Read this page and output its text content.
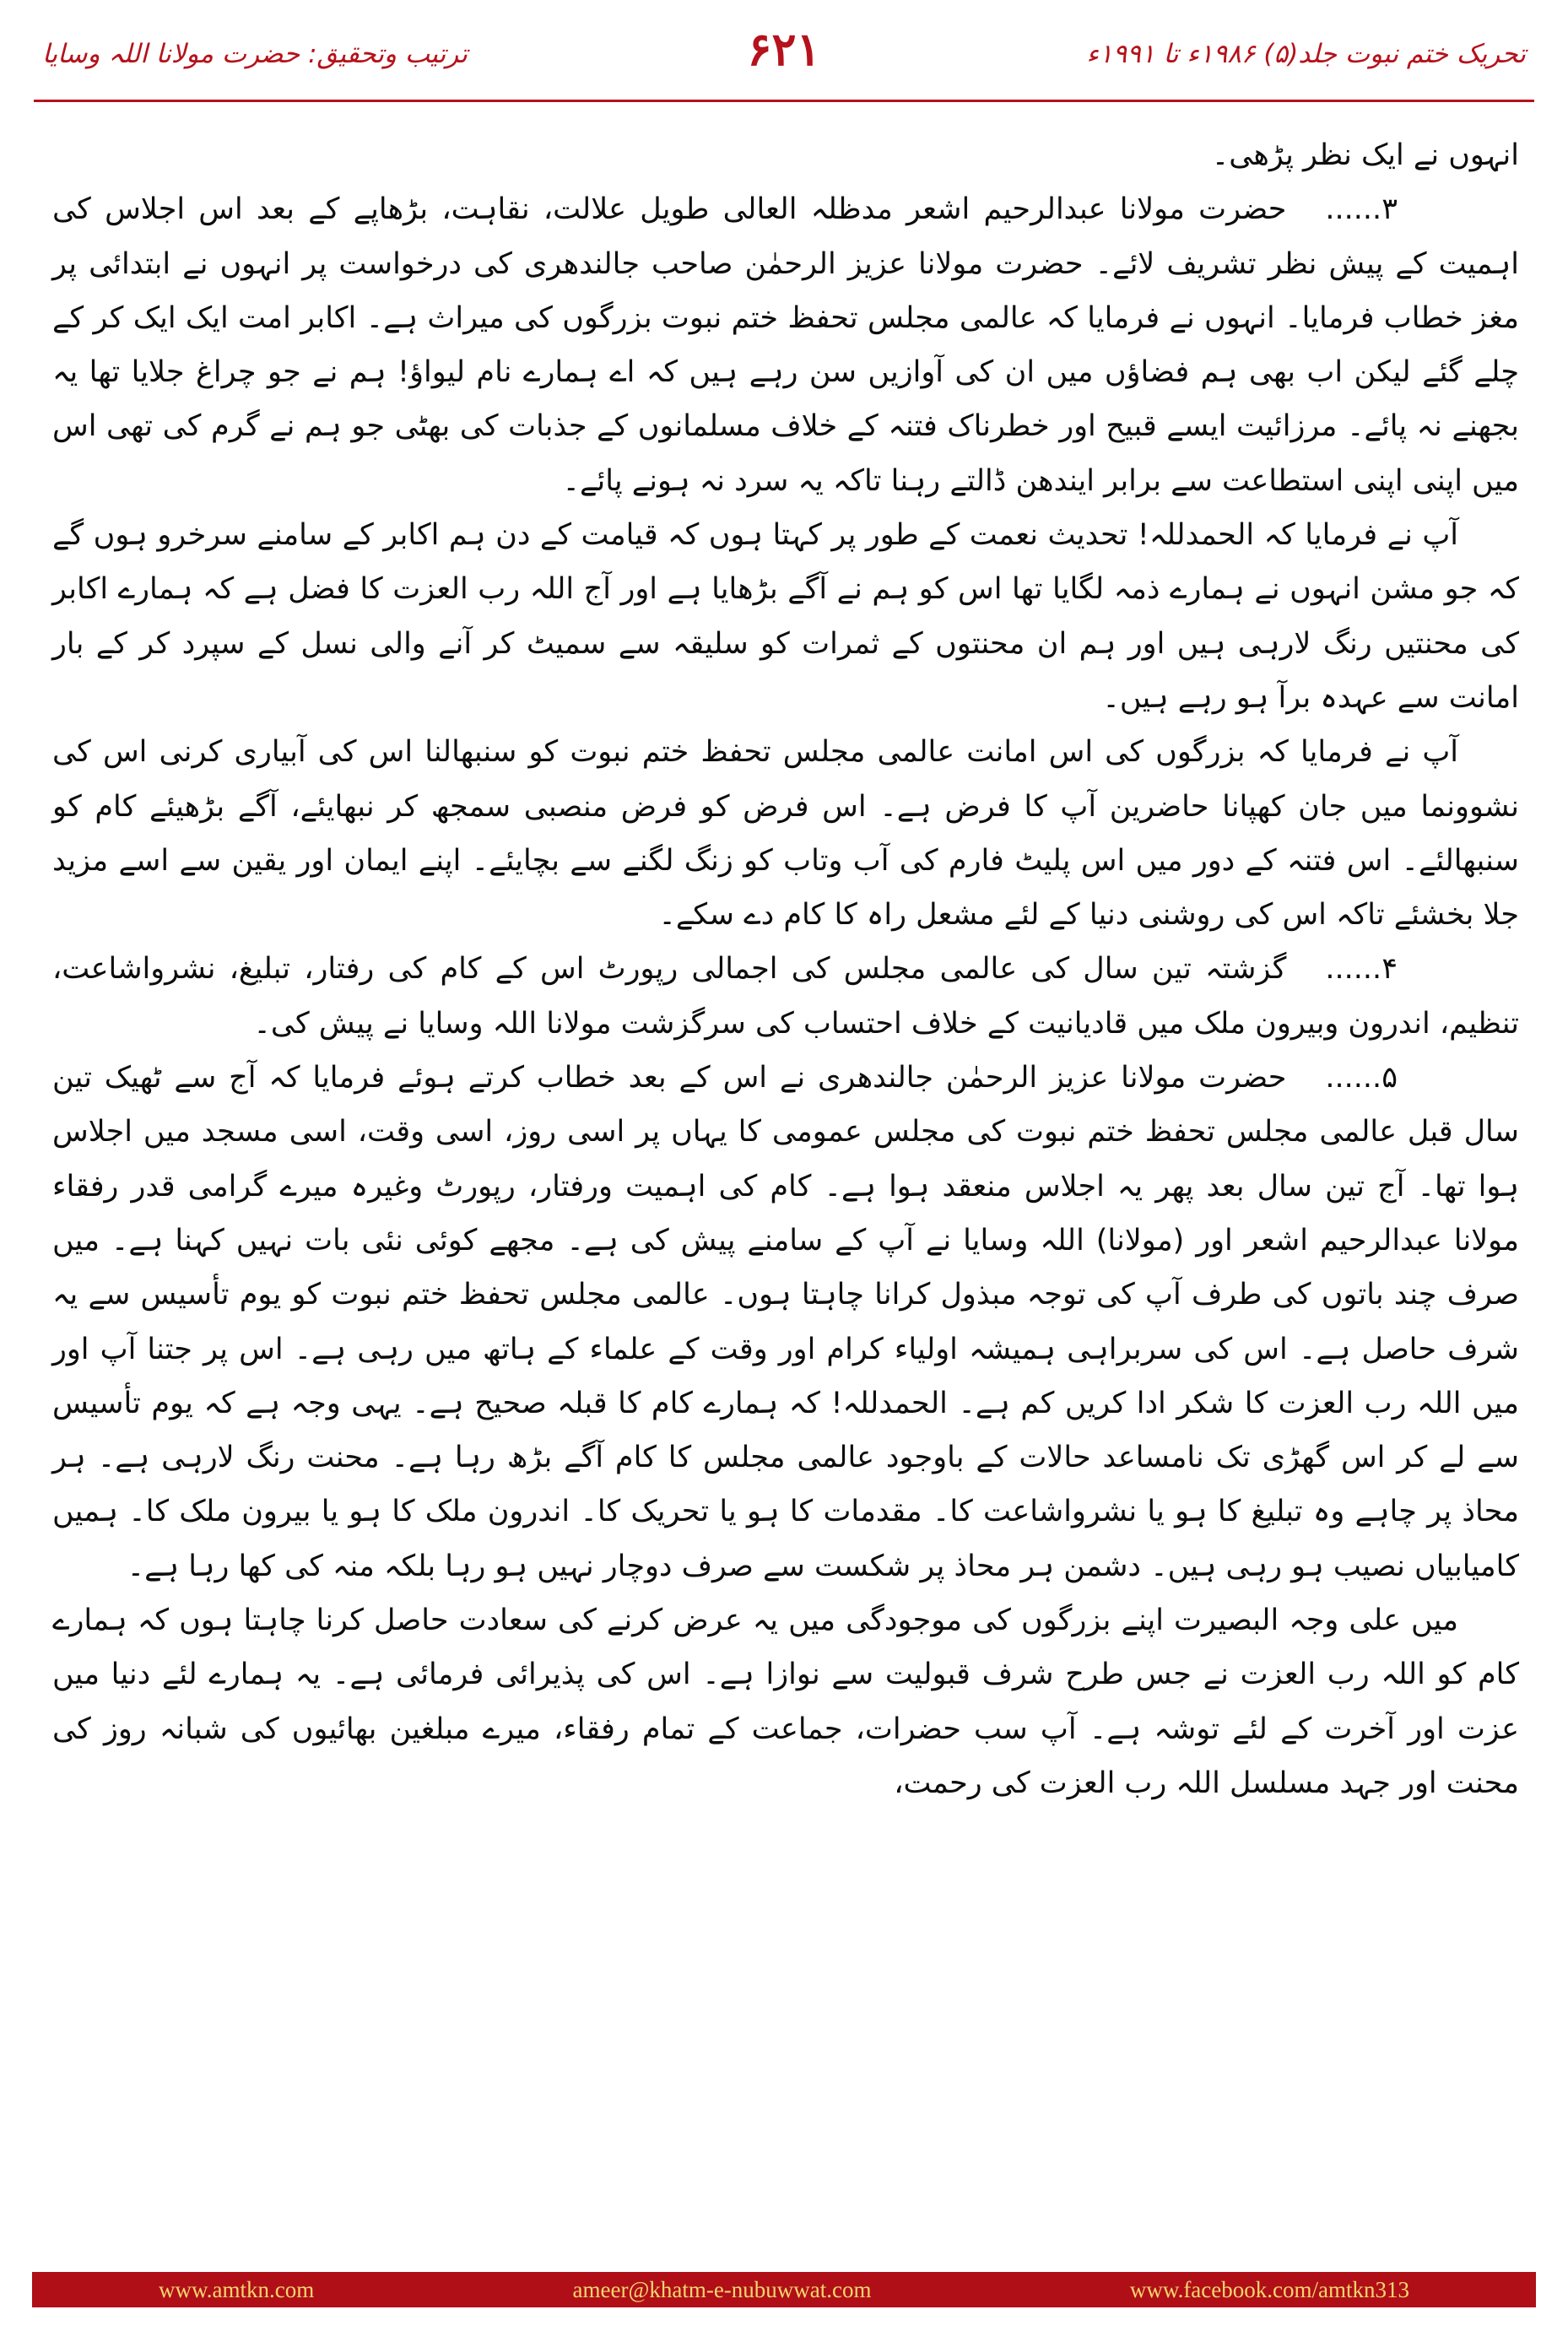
ترتیب وتحقیق: حضرت مولانا اللہ وسایا	۶۲۱	تحریک ختم نبوت جلد(۵) ۱۹۸۶ء تا ۱۹۹۱ء

انہوں نے ایک نظر پڑھی۔

۳......حضرت مولانا عبدالرحیم اشعر مدظلہ العالی طویل علالت، نقاہت، بڑھاپے کے بعد اس اجلاس کی اہمیت کے پیش نظر تشریف لائے۔ حضرت مولانا عزیز الرحمٰن صاحب جالندھری کی درخواست پر انہوں نے ابتدائی پر مغز خطاب فرمایا۔ انہوں نے فرمایا کہ عالمی مجلس تحفظ ختم نبوت بزرگوں کی میراث ہے۔ اکابر امت ایک ایک کر کے چلے گئے لیکن اب بھی ہم فضاؤں میں ان کی آوازیں سن رہے ہیں کہ اے ہمارے نام لیواؤ! ہم نے جو چراغ جلایا تھا یہ بجھنے نہ پائے۔ مرزائیت ایسے قبیح اور خطرناک فتنہ کے خلاف مسلمانوں کے جذبات کی بھٹی جو ہم نے گرم کی تھی اس میں اپنی اپنی استطاعت سے برابر ایندھن ڈالتے رہنا تاکہ یہ سرد نہ ہونے پائے۔

آپ نے فرمایا کہ الحمدللہ! تحدیث نعمت کے طور پر کہتا ہوں کہ قیامت کے دن ہم اکابر کے سامنے سرخرو ہوں گے کہ جو مشن انہوں نے ہمارے ذمہ لگایا تھا اس کو ہم نے آگے بڑھایا ہے اور آج اللہ رب العزت کا فضل ہے کہ ہمارے اکابر کی محنتیں رنگ لارہی ہیں اور ہم ان محنتوں کے ثمرات کو سلیقہ سے سمیٹ کر آنے والی نسل کے سپرد کر کے بار امانت سے عہدہ برآ ہو رہے ہیں۔

آپ نے فرمایا کہ بزرگوں کی اس امانت عالمی مجلس تحفظ ختم نبوت کو سنبھالنا اس کی آبیاری کرنی اس کی نشوونما میں جان کھپانا حاضرین آپ کا فرض ہے۔ اس فرض کو فرض منصبی سمجھ کر نبھایئے، آگے بڑھیئے کام کو سنبھالئے۔ اس فتنہ کے دور میں اس پلیٹ فارم کی آب وتاب کو زنگ لگنے سے بچایئے۔ اپنے ایمان اور یقین سے اسے مزید جلا بخشئے تاکہ اس کی روشنی دنیا کے لئے مشعل راہ کا کام دے سکے۔

۴......گزشتہ تین سال کی عالمی مجلس کی اجمالی رپورٹ اس کے کام کی رفتار، تبلیغ، نشرواشاعت، تنظیم، اندرون وبیرون ملک میں قادیانیت کے خلاف احتساب کی سرگزشت مولانا اللہ وسایا نے پیش کی۔

۵......حضرت مولانا عزیز الرحمٰن جالندھری نے اس کے بعد خطاب کرتے ہوئے فرمایا کہ آج سے ٹھیک تین سال قبل عالمی مجلس تحفظ ختم نبوت کی مجلس عمومی کا یہاں پر اسی روز، اسی وقت، اسی مسجد میں اجلاس ہوا تھا۔ آج تین سال بعد پھر یہ اجلاس منعقد ہوا ہے۔ کام کی اہمیت ورفتار، رپورٹ وغیرہ میرے گرامی قدر رفقاء مولانا عبدالرحیم اشعر اور (مولانا) اللہ وسایا نے آپ کے سامنے پیش کی ہے۔ مجھے کوئی نئی بات نہیں کہنا ہے۔ میں صرف چند باتوں کی طرف آپ کی توجہ مبذول کرانا چاہتا ہوں۔ عالمی مجلس تحفظ ختم نبوت کو یوم تأسیس سے یہ شرف حاصل ہے۔ اس کی سربراہی ہمیشہ اولیاء کرام اور وقت کے علماء کے ہاتھ میں رہی ہے۔ اس پر جتنا آپ اور میں اللہ رب العزت کا شکر ادا کریں کم ہے۔ الحمدللہ! کہ ہمارے کام کا قبلہ صحیح ہے۔ یہی وجہ ہے کہ یوم تأسیس سے لے کر اس گھڑی تک نامساعد حالات کے باوجود عالمی مجلس کا کام آگے بڑھ رہا ہے۔ محنت رنگ لارہی ہے۔ ہر محاذ پر چاہے وہ تبلیغ کا ہو یا نشرواشاعت کا۔ مقدمات کا ہو یا تحریک کا۔ اندرون ملک کا ہو یا بیرون ملک کا۔ ہمیں کامیابیاں نصیب ہو رہی ہیں۔ دشمن ہر محاذ پر شکست سے صرف دوچار نہیں ہو رہا بلکہ منہ کی کھا رہا ہے۔

میں علی وجہ البصیرت اپنے بزرگوں کی موجودگی میں یہ عرض کرنے کی سعادت حاصل کرنا چاہتا ہوں کہ ہمارے کام کو اللہ رب العزت نے جس طرح شرف قبولیت سے نوازا ہے۔ اس کی پذیرائی فرمائی ہے۔ یہ ہمارے لئے دنیا میں عزت اور آخرت کے لئے توشہ ہے۔ آپ سب حضرات، جماعت کے تمام رفقاء، میرے مبلغین بھائیوں کی شبانہ روز کی محنت اور جہد مسلسل اللہ رب العزت کی رحمت،

www.amtkn.com	ameer@khatm-e-nubuwwat.com	www.facebook.com/amtkn313
